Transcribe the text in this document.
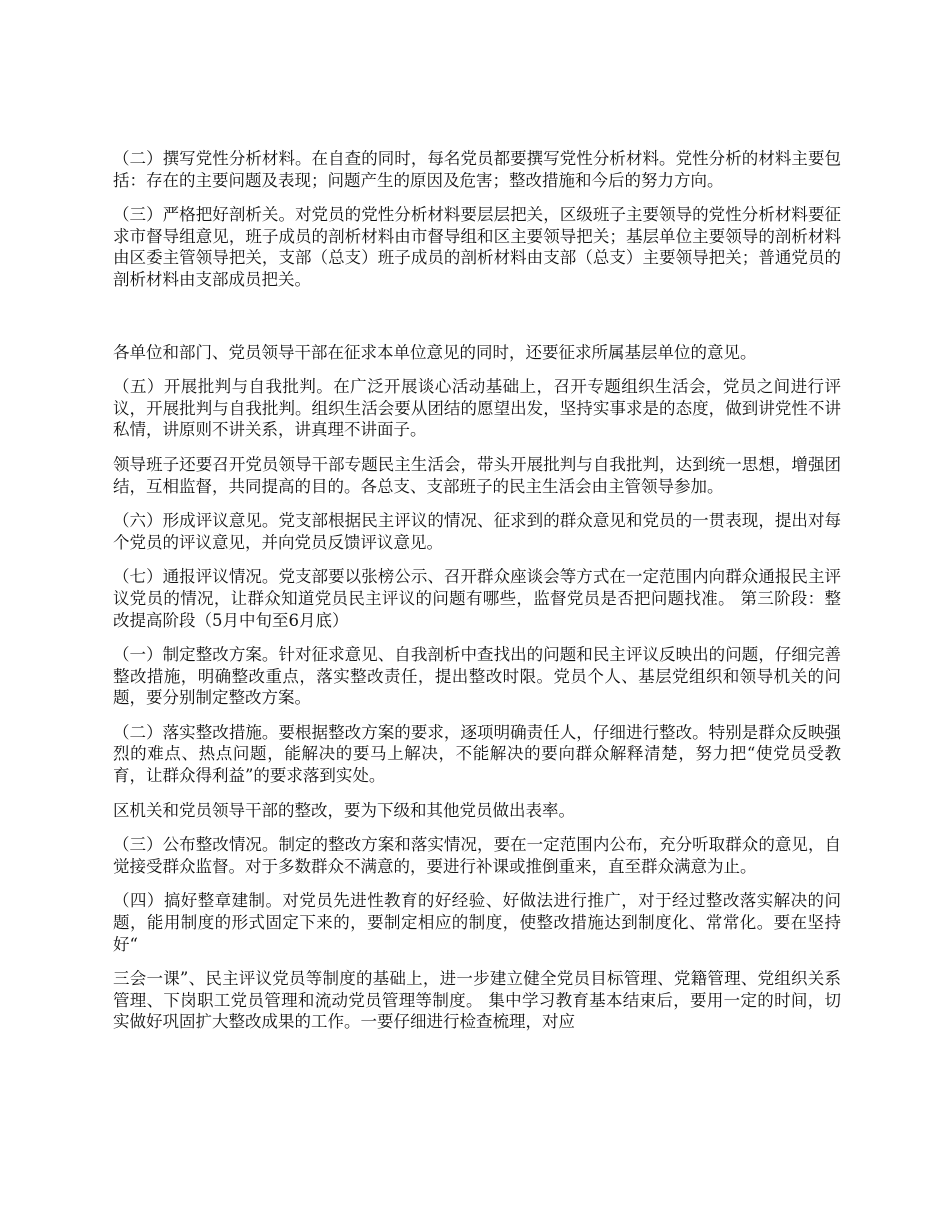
（二）撰写党性分析材料。在自查的同时，每名党员都要撰写党性分析材料。党性分析的材料主要包括：存在的主要问题及表现；问题产生的原因及危害；整改措施和今后的努力方向。

（三）严格把好剖析关。对党员的党性分析材料要层层把关，区级班子主要领导的党性分析材料要征求市督导组意见，班子成员的剖析材料由市督导组和区主要领导把关；基层单位主要领导的剖析材料由区委主管领导把关，支部（总支）班子成员的剖析材料由支部（总支）主要领导把关；普通党员的剖析材料由支部成员把关。

各单位和部门、党员领导干部在征求本单位意见的同时，还要征求所属基层单位的意见。

（五）开展批判与自我批判。在广泛开展谈心活动基础上，召开专题组织生活会，党员之间进行评议，开展批判与自我批判。组织生活会要从团结的愿望出发，坚持实事求是的态度，做到讲党性不讲私情，讲原则不讲关系，讲真理不讲面子。

领导班子还要召开党员领导干部专题民主生活会，带头开展批判与自我批判，达到统一思想，增强团结，互相监督，共同提高的目的。各总支、支部班子的民主生活会由主管领导参加。

（六）形成评议意见。党支部根据民主评议的情况、征求到的群众意见和党员的一贯表现，提出对每个党员的评议意见，并向党员反馈评议意见。

（七）通报评议情况。党支部要以张榜公示、召开群众座谈会等方式在一定范围内向群众通报民主评议党员的情况，让群众知道党员民主评议的问题有哪些，监督党员是否把问题找准。 第三阶段：整改提高阶段（5月中旬至6月底）

（一）制定整改方案。针对征求意见、自我剖析中查找出的问题和民主评议反映出的问题，仔细完善整改措施，明确整改重点，落实整改责任，提出整改时限。党员个人、基层党组织和领导机关的问题，要分别制定整改方案。

（二）落实整改措施。要根据整改方案的要求，逐项明确责任人，仔细进行整改。特别是群众反映强烈的难点、热点问题，能解决的要马上解决，不能解决的要向群众解释清楚，努力把“使党员受教育，让群众得利益”的要求落到实处。

区机关和党员领导干部的整改，要为下级和其他党员做出表率。

（三）公布整改情况。制定的整改方案和落实情况，要在一定范围内公布，充分听取群众的意见，自觉接受群众监督。对于多数群众不满意的，要进行补课或推倒重来，直至群众满意为止。

（四）搞好整章建制。对党员先进性教育的好经验、好做法进行推广，对于经过整改落实解决的问题，能用制度的形式固定下来的，要制定相应的制度，使整改措施达到制度化、常常化。要在坚持好“

三会一课”、民主评议党员等制度的基础上，进一步建立健全党员目标管理、党籍管理、党组织关系管理、下岗职工党员管理和流动党员管理等制度。 集中学习教育基本结束后，要用一定的时间，切实做好巩固扩大整改成果的工作。一要仔细进行检查梳理，对应
